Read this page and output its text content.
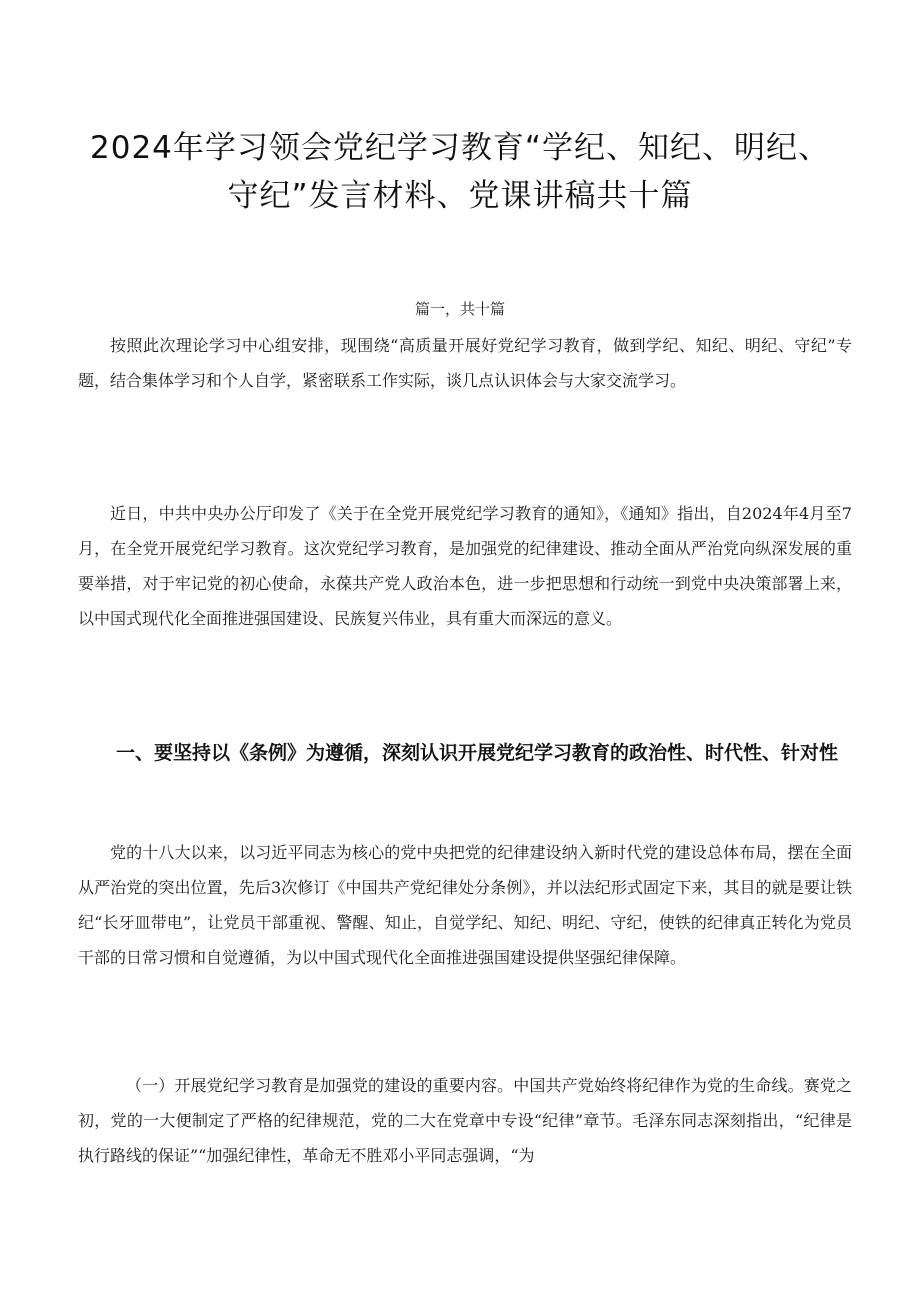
2024年学习领会党纪学习教育“学纪、知纪、明纪、守纪”发言材料、党课讲稿共十篇

篇一，共十篇

按照此次理论学习中心组安排，现围绕“高质量开展好党纪学习教育，做到学纪、知纪、明纪、守纪”专题，结合集体学习和个人自学，紧密联系工作实际，谈几点认识体会与大家交流学习。

近日，中共中央办公厅印发了《关于在全党开展党纪学习教育的通知》，《通知》指出，自2024年4月至7月，在全党开展党纪学习教育。这次党纪学习教育，是加强党的纪律建设、推动全面从严治党向纵深发展的重要举措，对于牢记党的初心使命，永葆共产党人政治本色，进一步把思想和行动统一到党中央决策部署上来，以中国式现代化全面推进强国建设、民族复兴伟业，具有重大而深远的意义。

一、要坚持以《条例》为遵循，深刻认识开展党纪学习教育的政治性、时代性、针对性

党的十八大以来，以习近平同志为核心的党中央把党的纪律建设纳入新时代党的建设总体布局，摆在全面从严治党的突出位置，先后3次修订《中国共产党纪律处分条例》，并以法纪形式固定下来，其目的就是要让铁纪“长牙皿带电”，让党员干部重视、警醒、知止，自觉学纪、知纪、明纪、守纪，使铁的纪律真正转化为党员干部的日常习惯和自觉遵循，为以中国式现代化全面推进强国建设提供坚强纪律保障。

（一）开展党纪学习教育是加强党的建设的重要内容。中国共产党始终将纪律作为党的生命线。赛党之初，党的一大便制定了严格的纪律规范，党的二大在党章中专设“纪律”章节。毛泽东同志深刻指出，“纪律是执行路线的保证”“加强纪律性，革命无不胜邓小平同志强调，“为
